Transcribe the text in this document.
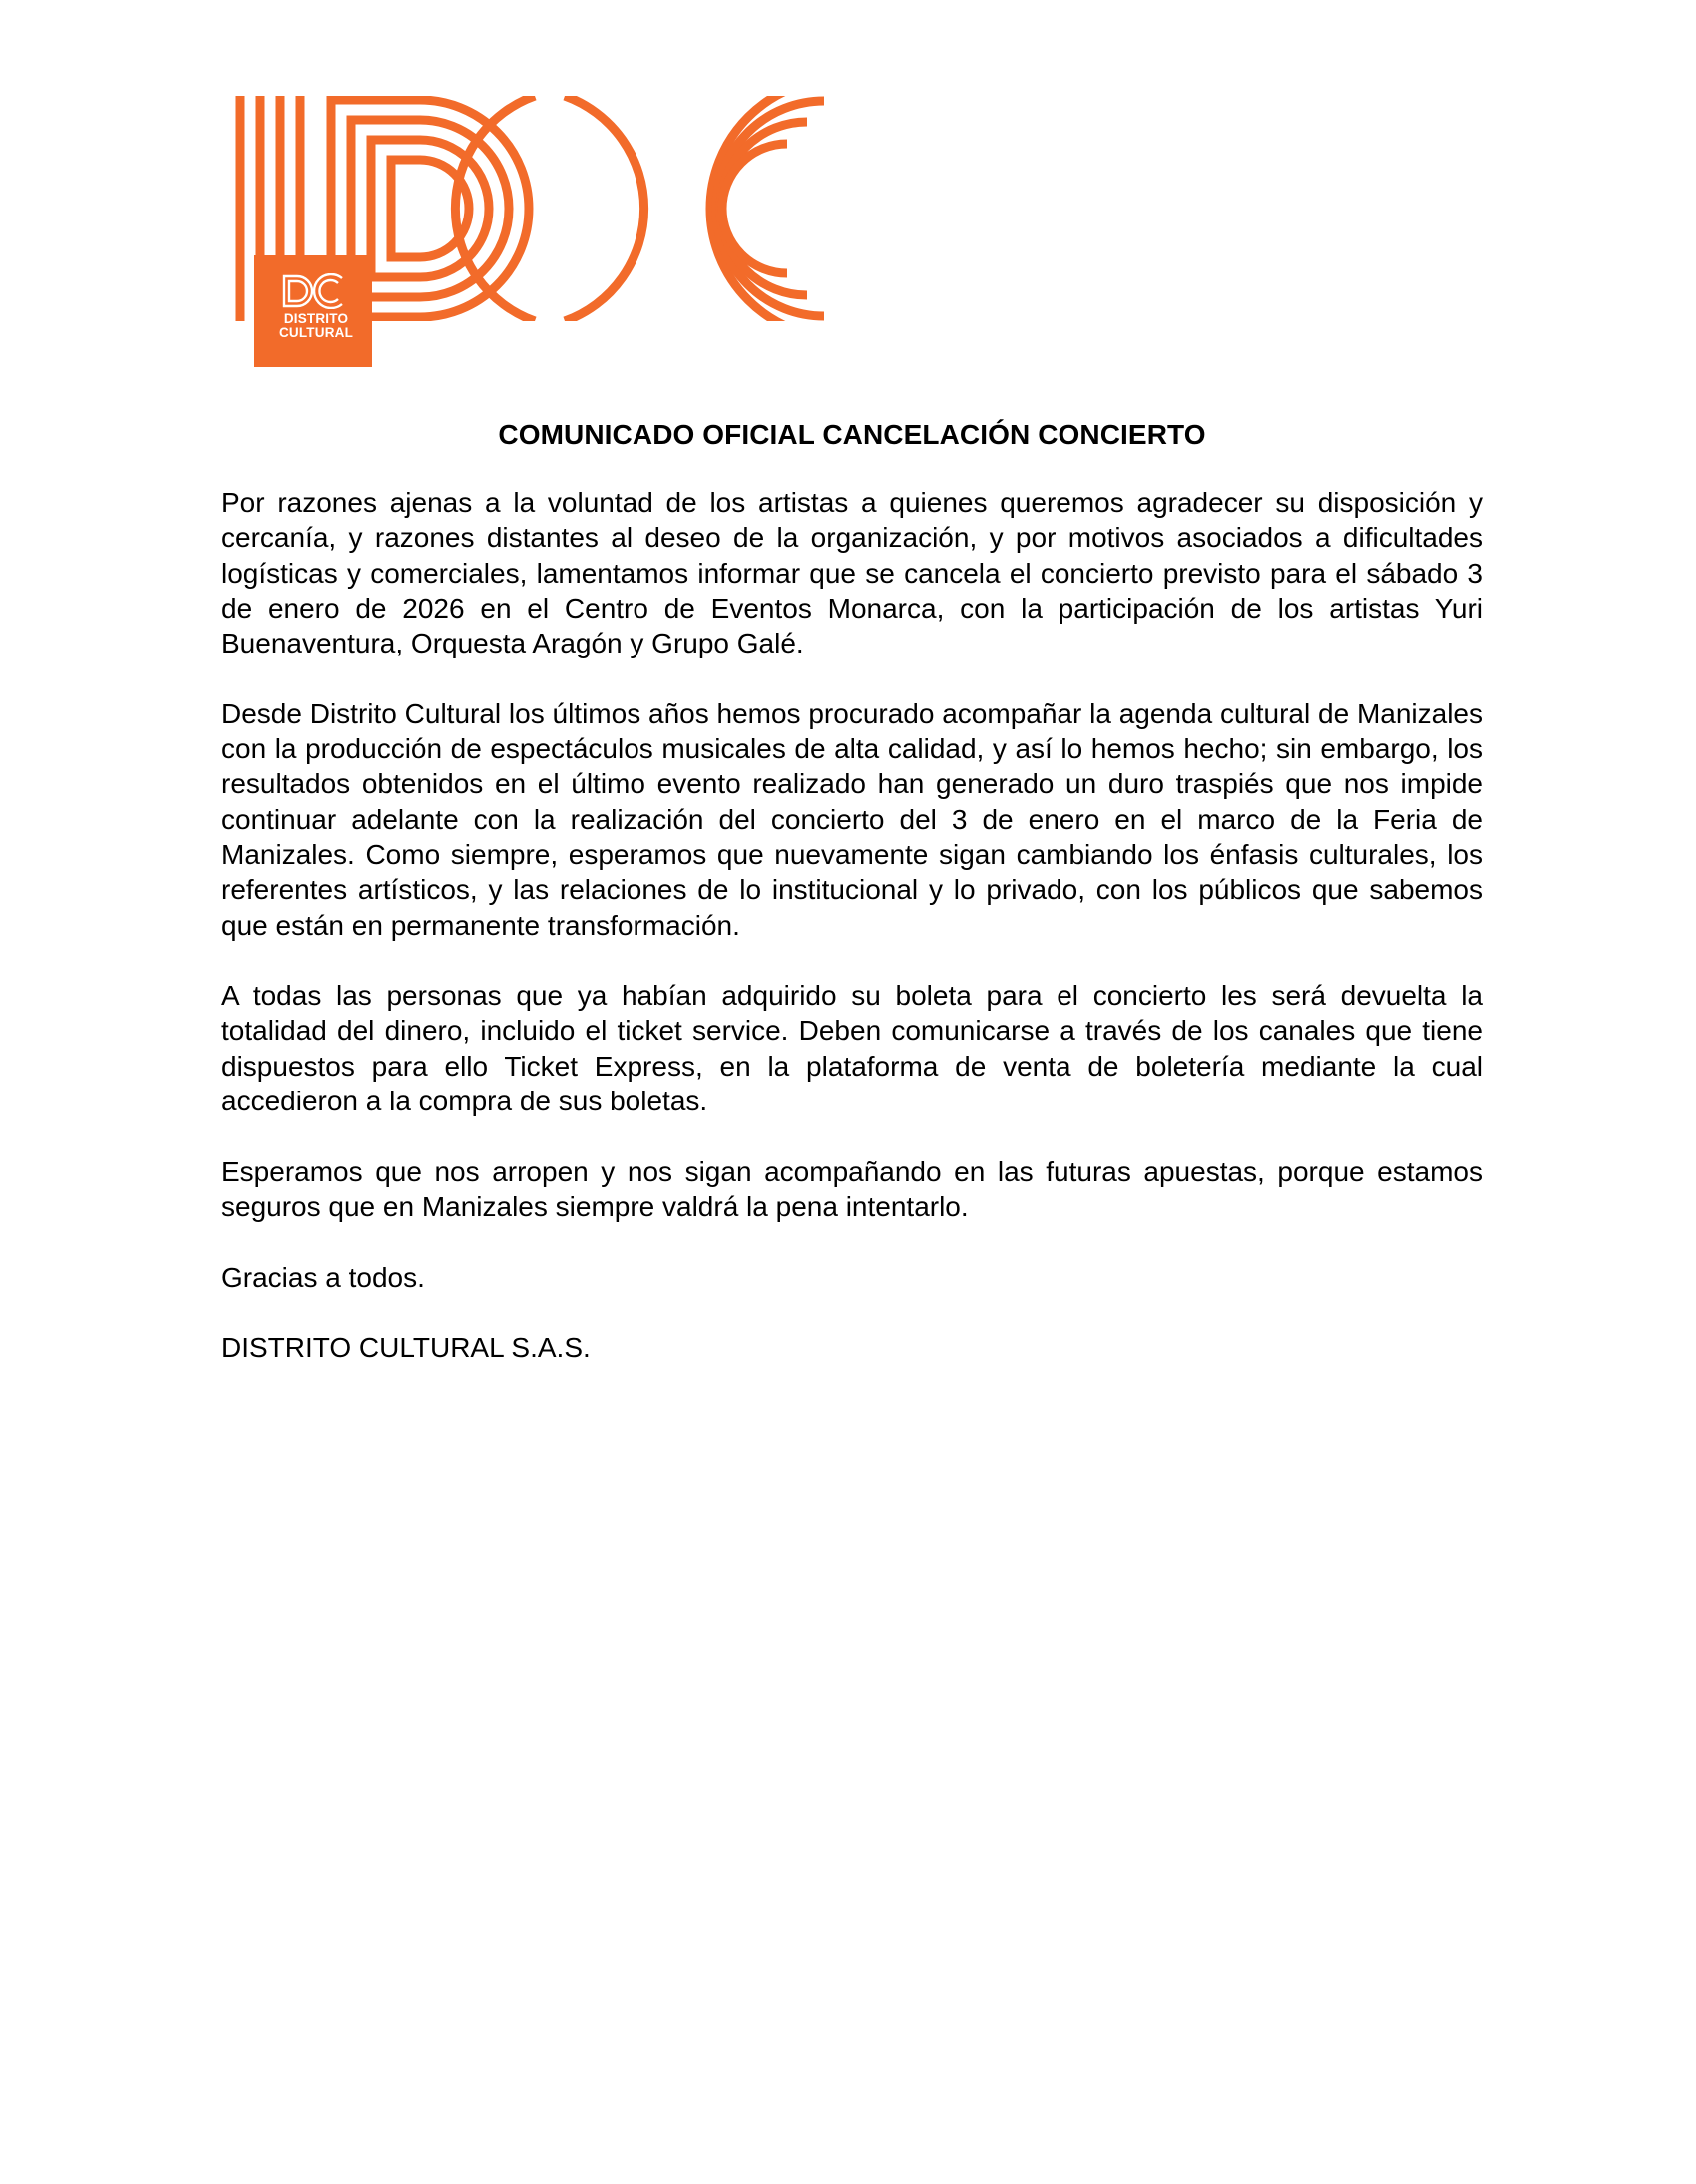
DISTRITO
CULTURAL
COMUNICADO OFICIAL CANCELACIÓN CONCIERTO

Por razones ajenas a la voluntad de los artistas a quienes queremos agradecer su disposición y cercanía, y razones distantes al deseo de la organización, y por motivos asociados a dificultades logísticas y comerciales, lamentamos informar que se cancela el concierto previsto para el sábado 3 de enero de 2026 en el Centro de Eventos Monarca, con la participación de los artistas Yuri Buenaventura, Orquesta Aragón y Grupo Galé.

Desde Distrito Cultural los últimos años hemos procurado acompañar la agenda cultural de Manizales con la producción de espectáculos musicales de alta calidad, y así lo hemos hecho; sin embargo, los resultados obtenidos en el último evento realizado han generado un duro traspiés que nos impide continuar adelante con la realización del concierto del 3 de enero en el marco de la Feria de Manizales. Como siempre, esperamos que nuevamente sigan cambiando los énfasis culturales, los referentes artísticos, y las relaciones de lo institucional y lo privado, con los públicos que sabemos que están en permanente transformación.

A todas las personas que ya habían adquirido su boleta para el concierto les será devuelta la totalidad del dinero, incluido el ticket service. Deben comunicarse a través de los canales que tiene dispuestos para ello Ticket Express, en la plataforma de venta de boletería mediante la cual accedieron a la compra de sus boletas.

Esperamos que nos arropen y nos sigan acompañando en las futuras apuestas, porque estamos seguros que en Manizales siempre valdrá la pena intentarlo.

Gracias a todos.

DISTRITO CULTURAL S.A.S.
